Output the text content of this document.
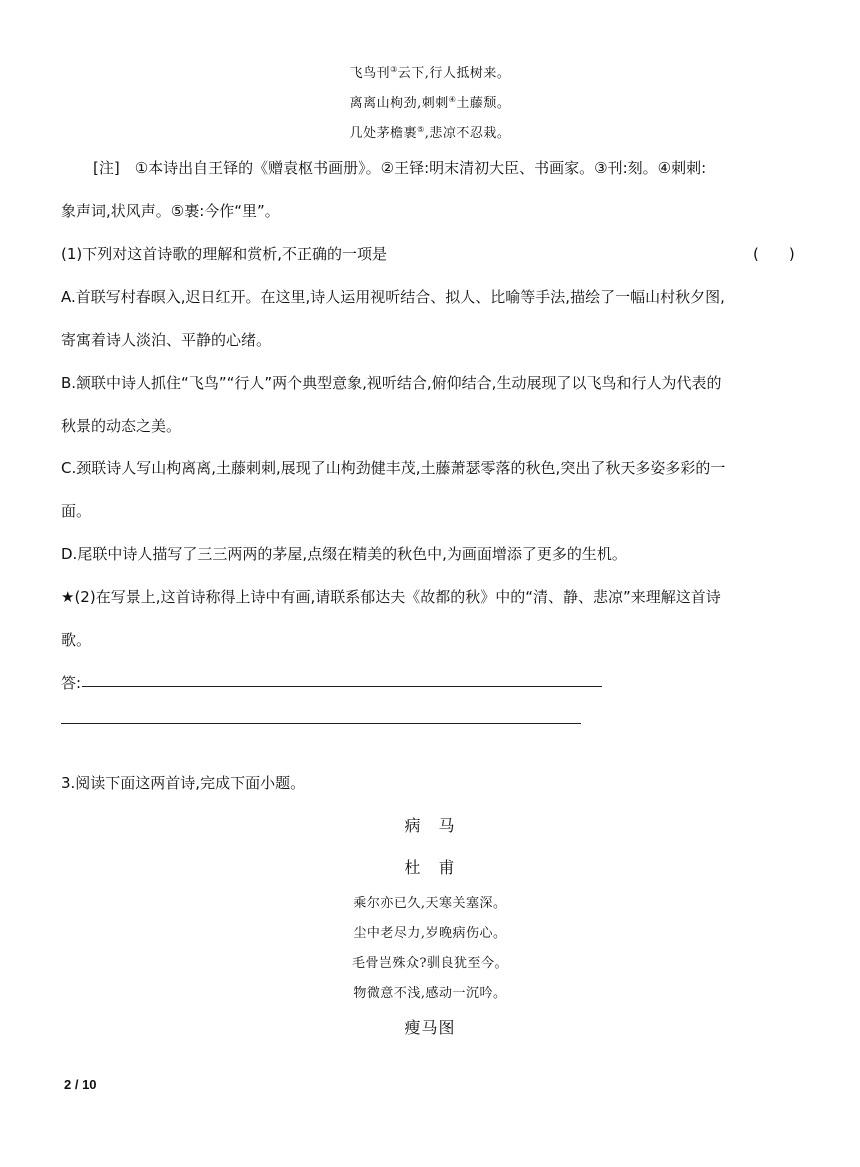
飞鸟刊③云下,行人抵树来。
离离山枸劲,刺刺④土藤颓。
几处茅檐裹⑤,悲凉不忍栽。
[注]　①本诗出自王铎的《赠袁枢书画册》。②王铎:明末清初大臣、书画家。③刊:刻。④刺刺:
象声词,状风声。⑤裹:今作“里”。
(1)下列对这首诗歌的理解和赏析,不正确的一项是	(　　)
A.首联写村春暝入,迟日红开。在这里,诗人运用视听结合、拟人、比喻等手法,描绘了一幅山村秋夕图,
寄寓着诗人淡泊、平静的心绪。
B.颔联中诗人抓住“飞鸟”“行人”两个典型意象,视听结合,俯仰结合,生动展现了以飞鸟和行人为代表的
秋景的动态之美。
C.颈联诗人写山枸离离,土藤刺刺,展现了山枸劲健丰茂,土藤萧瑟零落的秋色,突出了秋天多姿多彩的一
面。
D.尾联中诗人描写了三三两两的茅屋,点缀在精美的秋色中,为画面增添了更多的生机。
★(2)在写景上,这首诗称得上诗中有画,请联系郁达夫《故都的秋》中的“清、静、悲凉”来理解这首诗
歌。
答:
3.阅读下面这两首诗,完成下面小题。
病　马
杜　甫
乘尔亦已久,天寒关塞深。
尘中老尽力,岁晚病伤心。
毛骨岂殊众?驯良犹至今。
物微意不浅,感动一沉吟。
瘦马图
2 / 10
